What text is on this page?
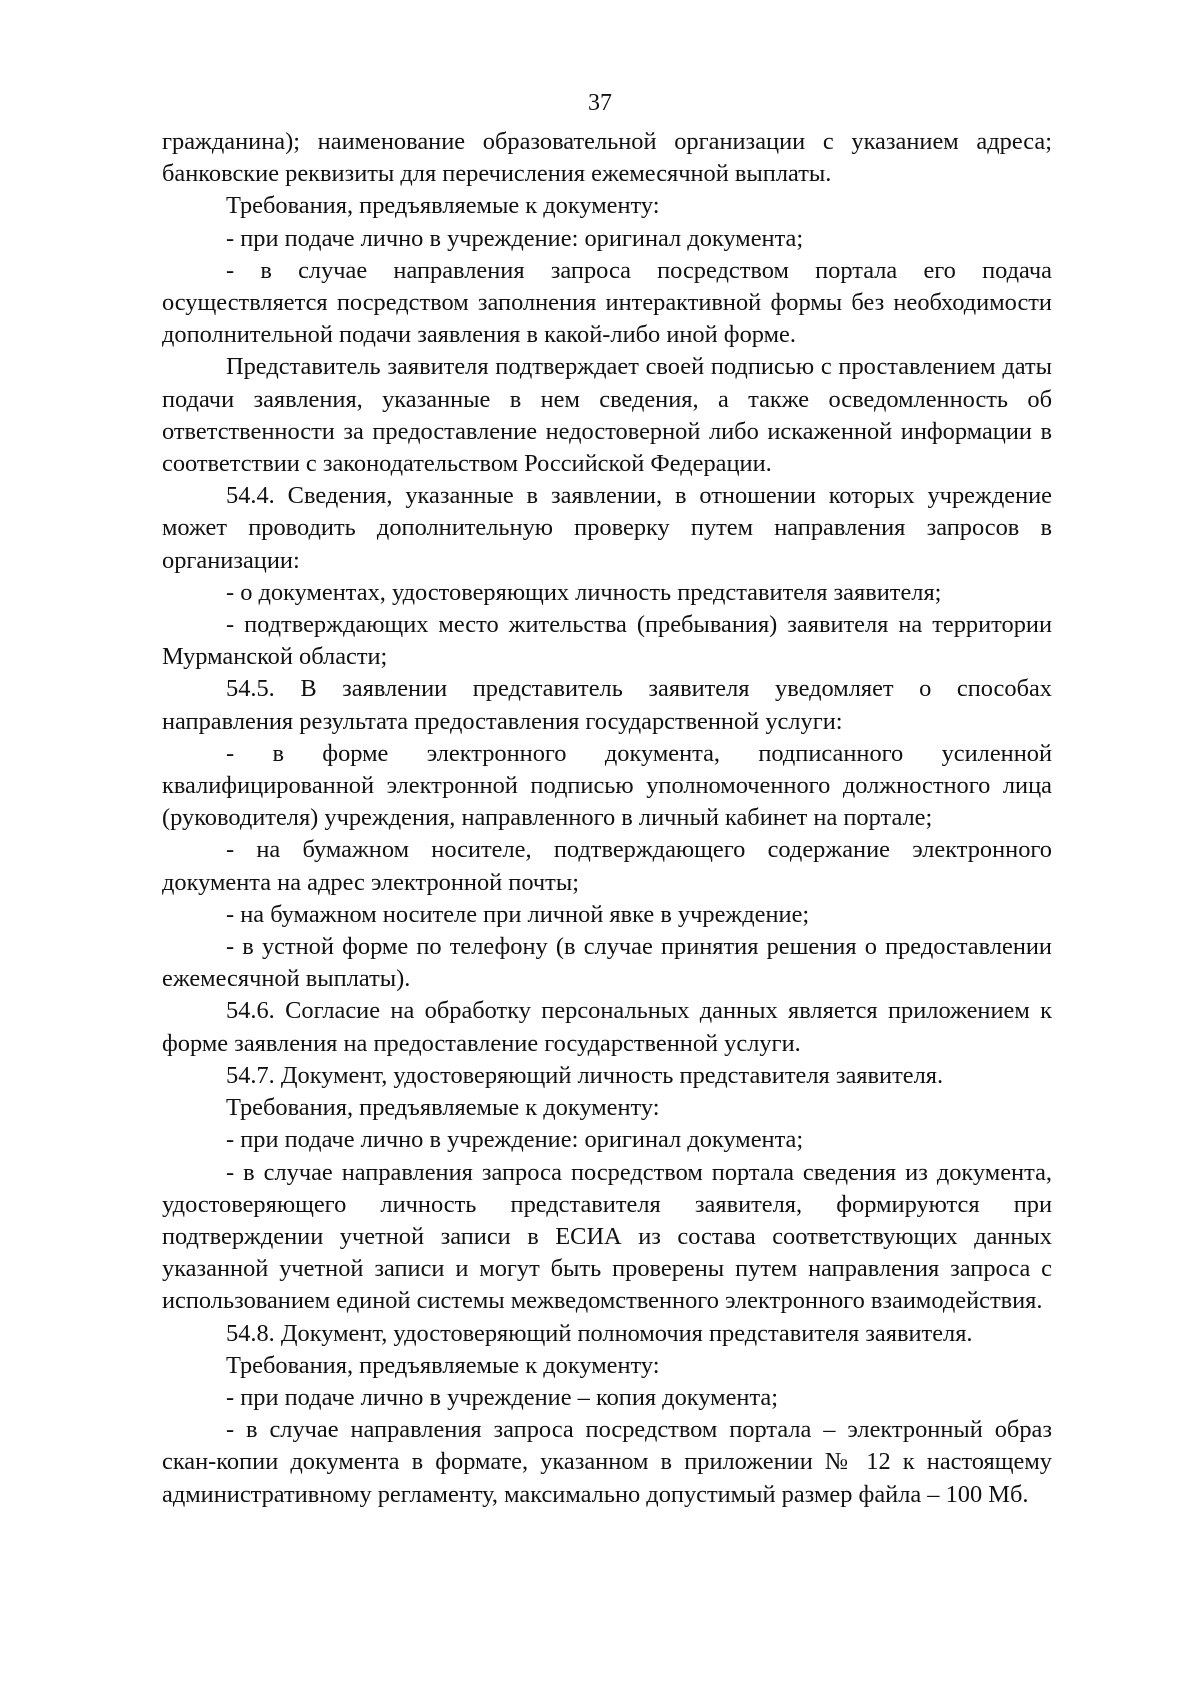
37

гражданина); наименование образовательной организации с указанием адреса; банковские реквизиты для перечисления ежемесячной выплаты.

Требования, предъявляемые к документу:

- при подаче лично в учреждение: оригинал документа;

- в случае направления запроса посредством портала его подача осуществляется посредством заполнения интерактивной формы без необходимости дополнительной подачи заявления в какой-либо иной форме.

Представитель заявителя подтверждает своей подписью с проставлением даты подачи заявления, указанные в нем сведения, а также осведомленность об ответственности за предоставление недостоверной либо искаженной информации в соответствии с законодательством Российской Федерации.

54.4. Сведения, указанные в заявлении, в отношении которых учреждение может проводить дополнительную проверку путем направления запросов в организации:

- о документах, удостоверяющих личность представителя заявителя;

- подтверждающих место жительства (пребывания) заявителя на территории Мурманской области;

54.5. В заявлении представитель заявителя уведомляет о способах направления результата предоставления государственной услуги:

- в форме электронного документа, подписанного усиленной квалифицированной электронной подписью уполномоченного должностного лица (руководителя) учреждения, направленного в личный кабинет на портале;

- на бумажном носителе, подтверждающего содержание электронного документа на адрес электронной почты;

- на бумажном носителе при личной явке в учреждение;

- в устной форме по телефону (в случае принятия решения о предоставлении ежемесячной выплаты).

54.6. Согласие на обработку персональных данных является приложением к форме заявления на предоставление государственной услуги.

54.7. Документ, удостоверяющий личность представителя заявителя.

Требования, предъявляемые к документу:

- при подаче лично в учреждение: оригинал документа;

- в случае направления запроса посредством портала сведения из документа, удостоверяющего личность представителя заявителя, формируются при подтверждении учетной записи в ЕСИА из состава соответствующих данных указанной учетной записи и могут быть проверены путем направления запроса с использованием единой системы межведомственного электронного взаимодействия.

54.8. Документ, удостоверяющий полномочия представителя заявителя.

Требования, предъявляемые к документу:

- при подаче лично в учреждение – копия документа;

- в случае направления запроса посредством портала – электронный образ скан-копии документа в формате, указанном в приложении № 12 к настоящему административному регламенту, максимально допустимый размер файла – 100 Мб.
